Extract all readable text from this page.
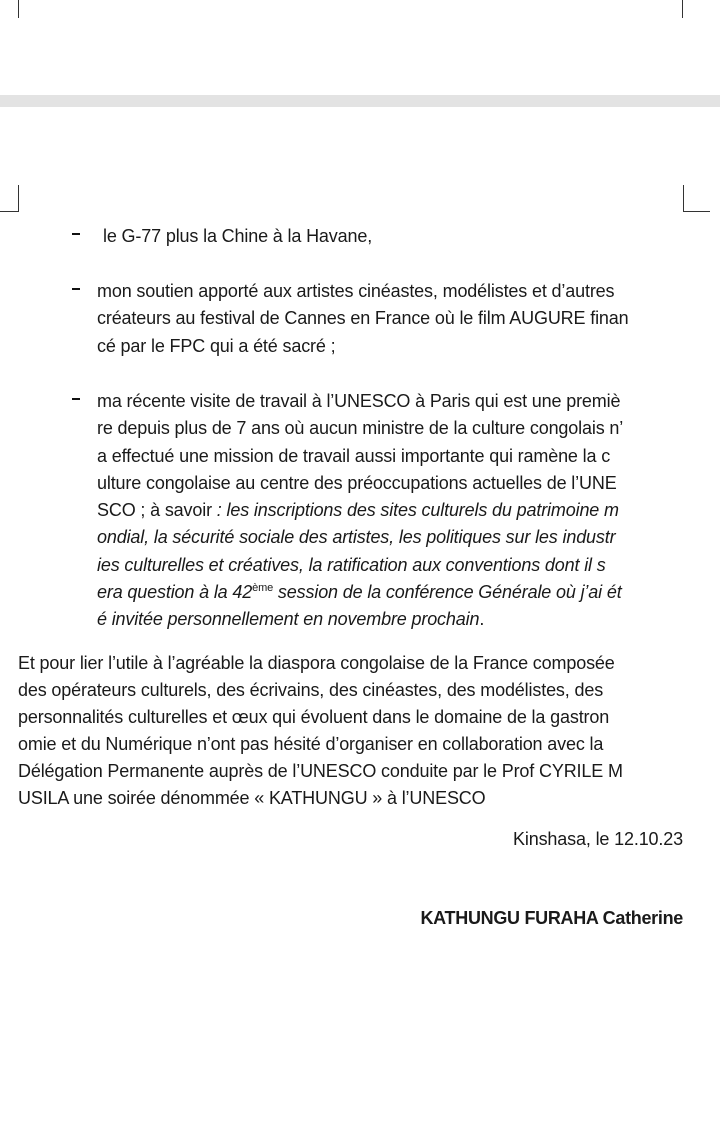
le G-77 plus la Chine à la Havane,
mon soutien apporté aux artistes cinéastes, modélistes et d’autres
créateurs au festival de Cannes en France où le film AUGURE finan
cé par le FPC qui a été sacré ;
ma récente visite de travail à l’UNESCO à Paris qui est une premiè
re depuis plus de 7 ans où aucun ministre de la culture congolais n’
a effectué une mission de travail aussi importante qui ramène la c
ulture congolaise au centre des préoccupations actuelles de l’UNE
SCO ; à savoir : les inscriptions des sites culturels du patrimoine m
ondial, la sécurité sociale des artistes, les politiques sur les industr
ies culturelles et créatives, la ratification aux conventions dont il s
era question à la 42ème session de la conférence Générale où j’ai ét
é invitée personnellement en novembre prochain.
Et pour lier l’utile à l’agréable la diaspora congolaise de la France composée
des opérateurs culturels, des écrivains, des cinéastes, des modélistes, des
personnalités culturelles et œux qui évoluent dans le domaine de la gastron
omie et du Numérique n’ont pas hésité d’organiser en collaboration avec la
Délégation Permanente auprès de l’UNESCO conduite par le Prof CYRILE M
USILA une soirée dénommée « KATHUNGU » à l’UNESCO
Kinshasa, le 12.10.23
KATHUNGU FURAHA Catherine
